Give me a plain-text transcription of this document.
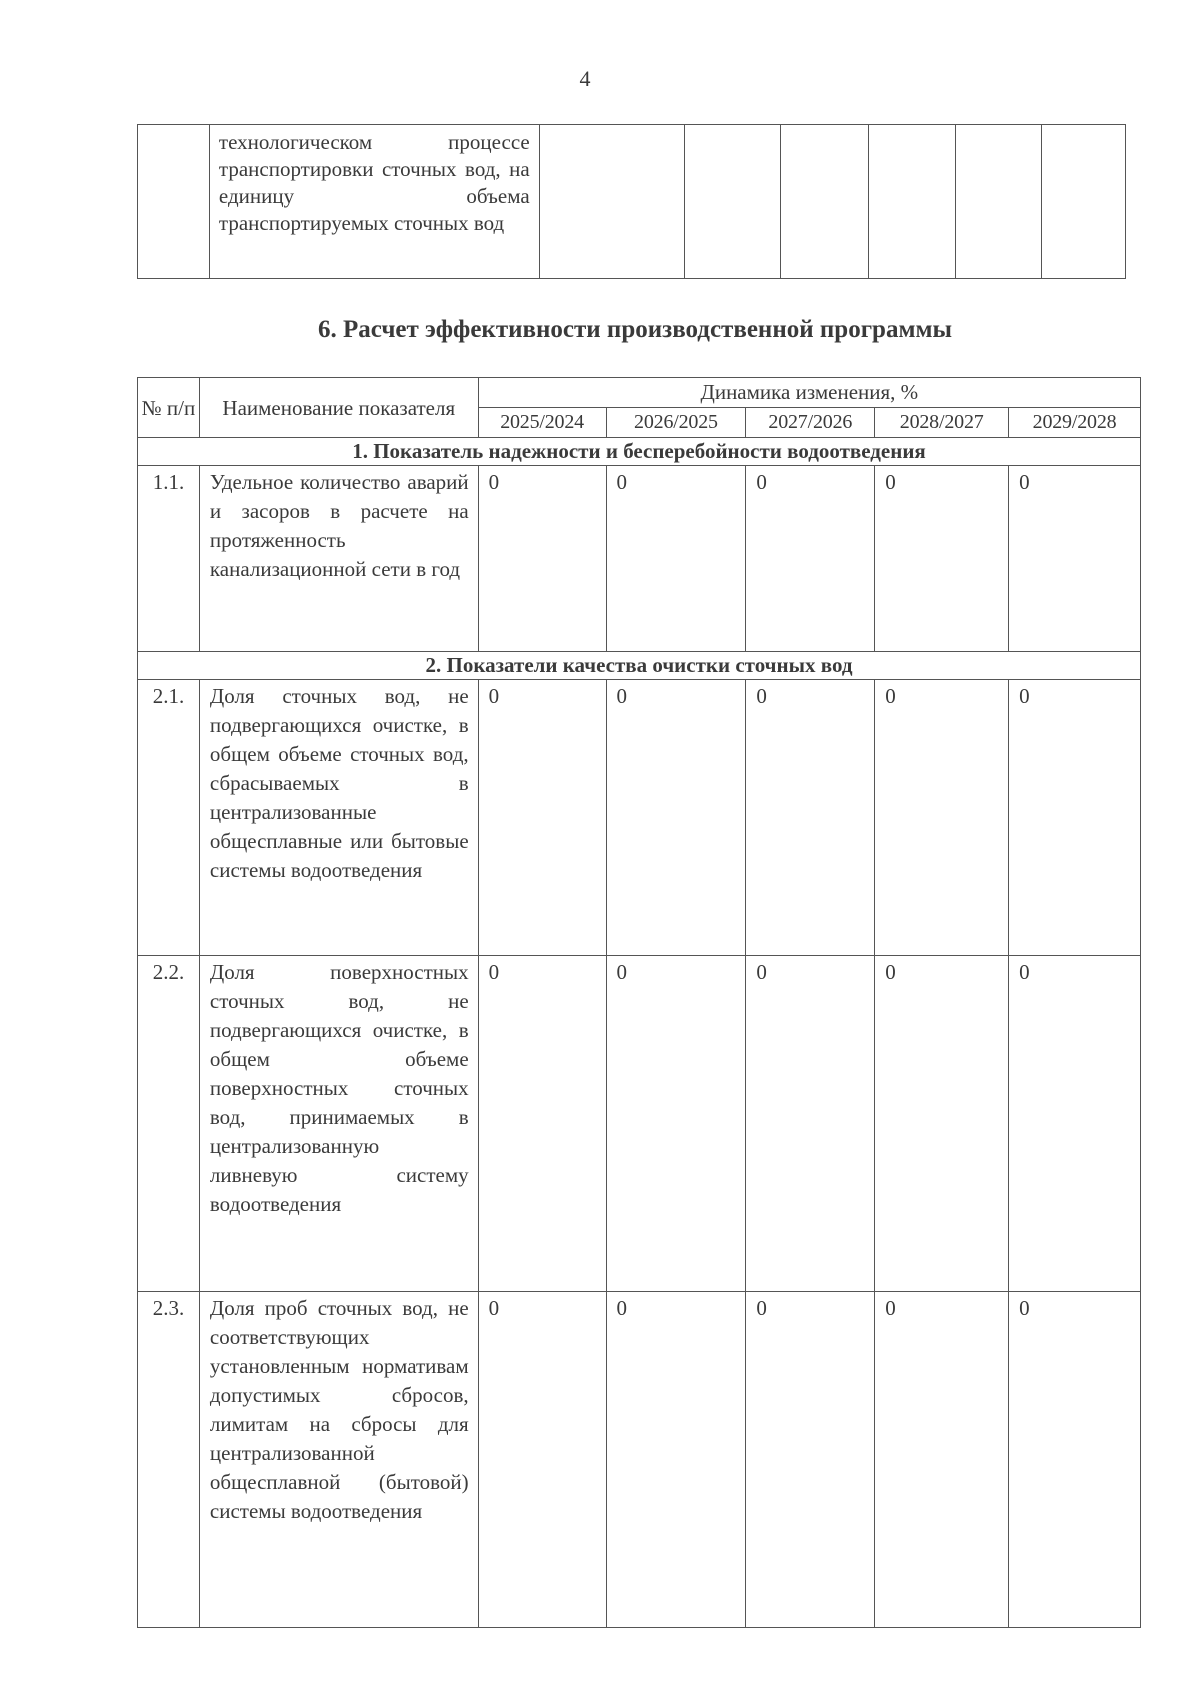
4
	технологическом процессе транспортировки сточных вод, на единицу объема транспортируемых сточных вод						
6. Расчет эффективности производственной программы
№ п/п	Наименование показателя	Динамика изменения, %				
		2025/2024	2026/2025	2027/2026	2028/2027	2029/2028
1. Показатель надежности и бесперебойности водоотведения						
1.1.	Удельное количество аварий и засоров в расчете на протяженность канализационной сети в год	0	0	0	0	0
2. Показатели качества очистки сточных вод						
2.1.	Доля сточных вод, не подвергающихся очистке, в общем объеме сточных вод, сбрасываемых в централизованные общесплавные или бытовые системы водоотведения	0	0	0	0	0
2.2.	Доля поверхностных сточных вод, не подвергающихся очистке, в общем объеме поверхностных сточных вод, принимаемых в централизованную ливневую систему водоотведения	0	0	0	0	0
2.3.	Доля проб сточных вод, не соответствующих установленным нормативам допустимых сбросов, лимитам на сбросы для централизованной общесплавной (бытовой) системы водоотведения	0	0	0	0	0
